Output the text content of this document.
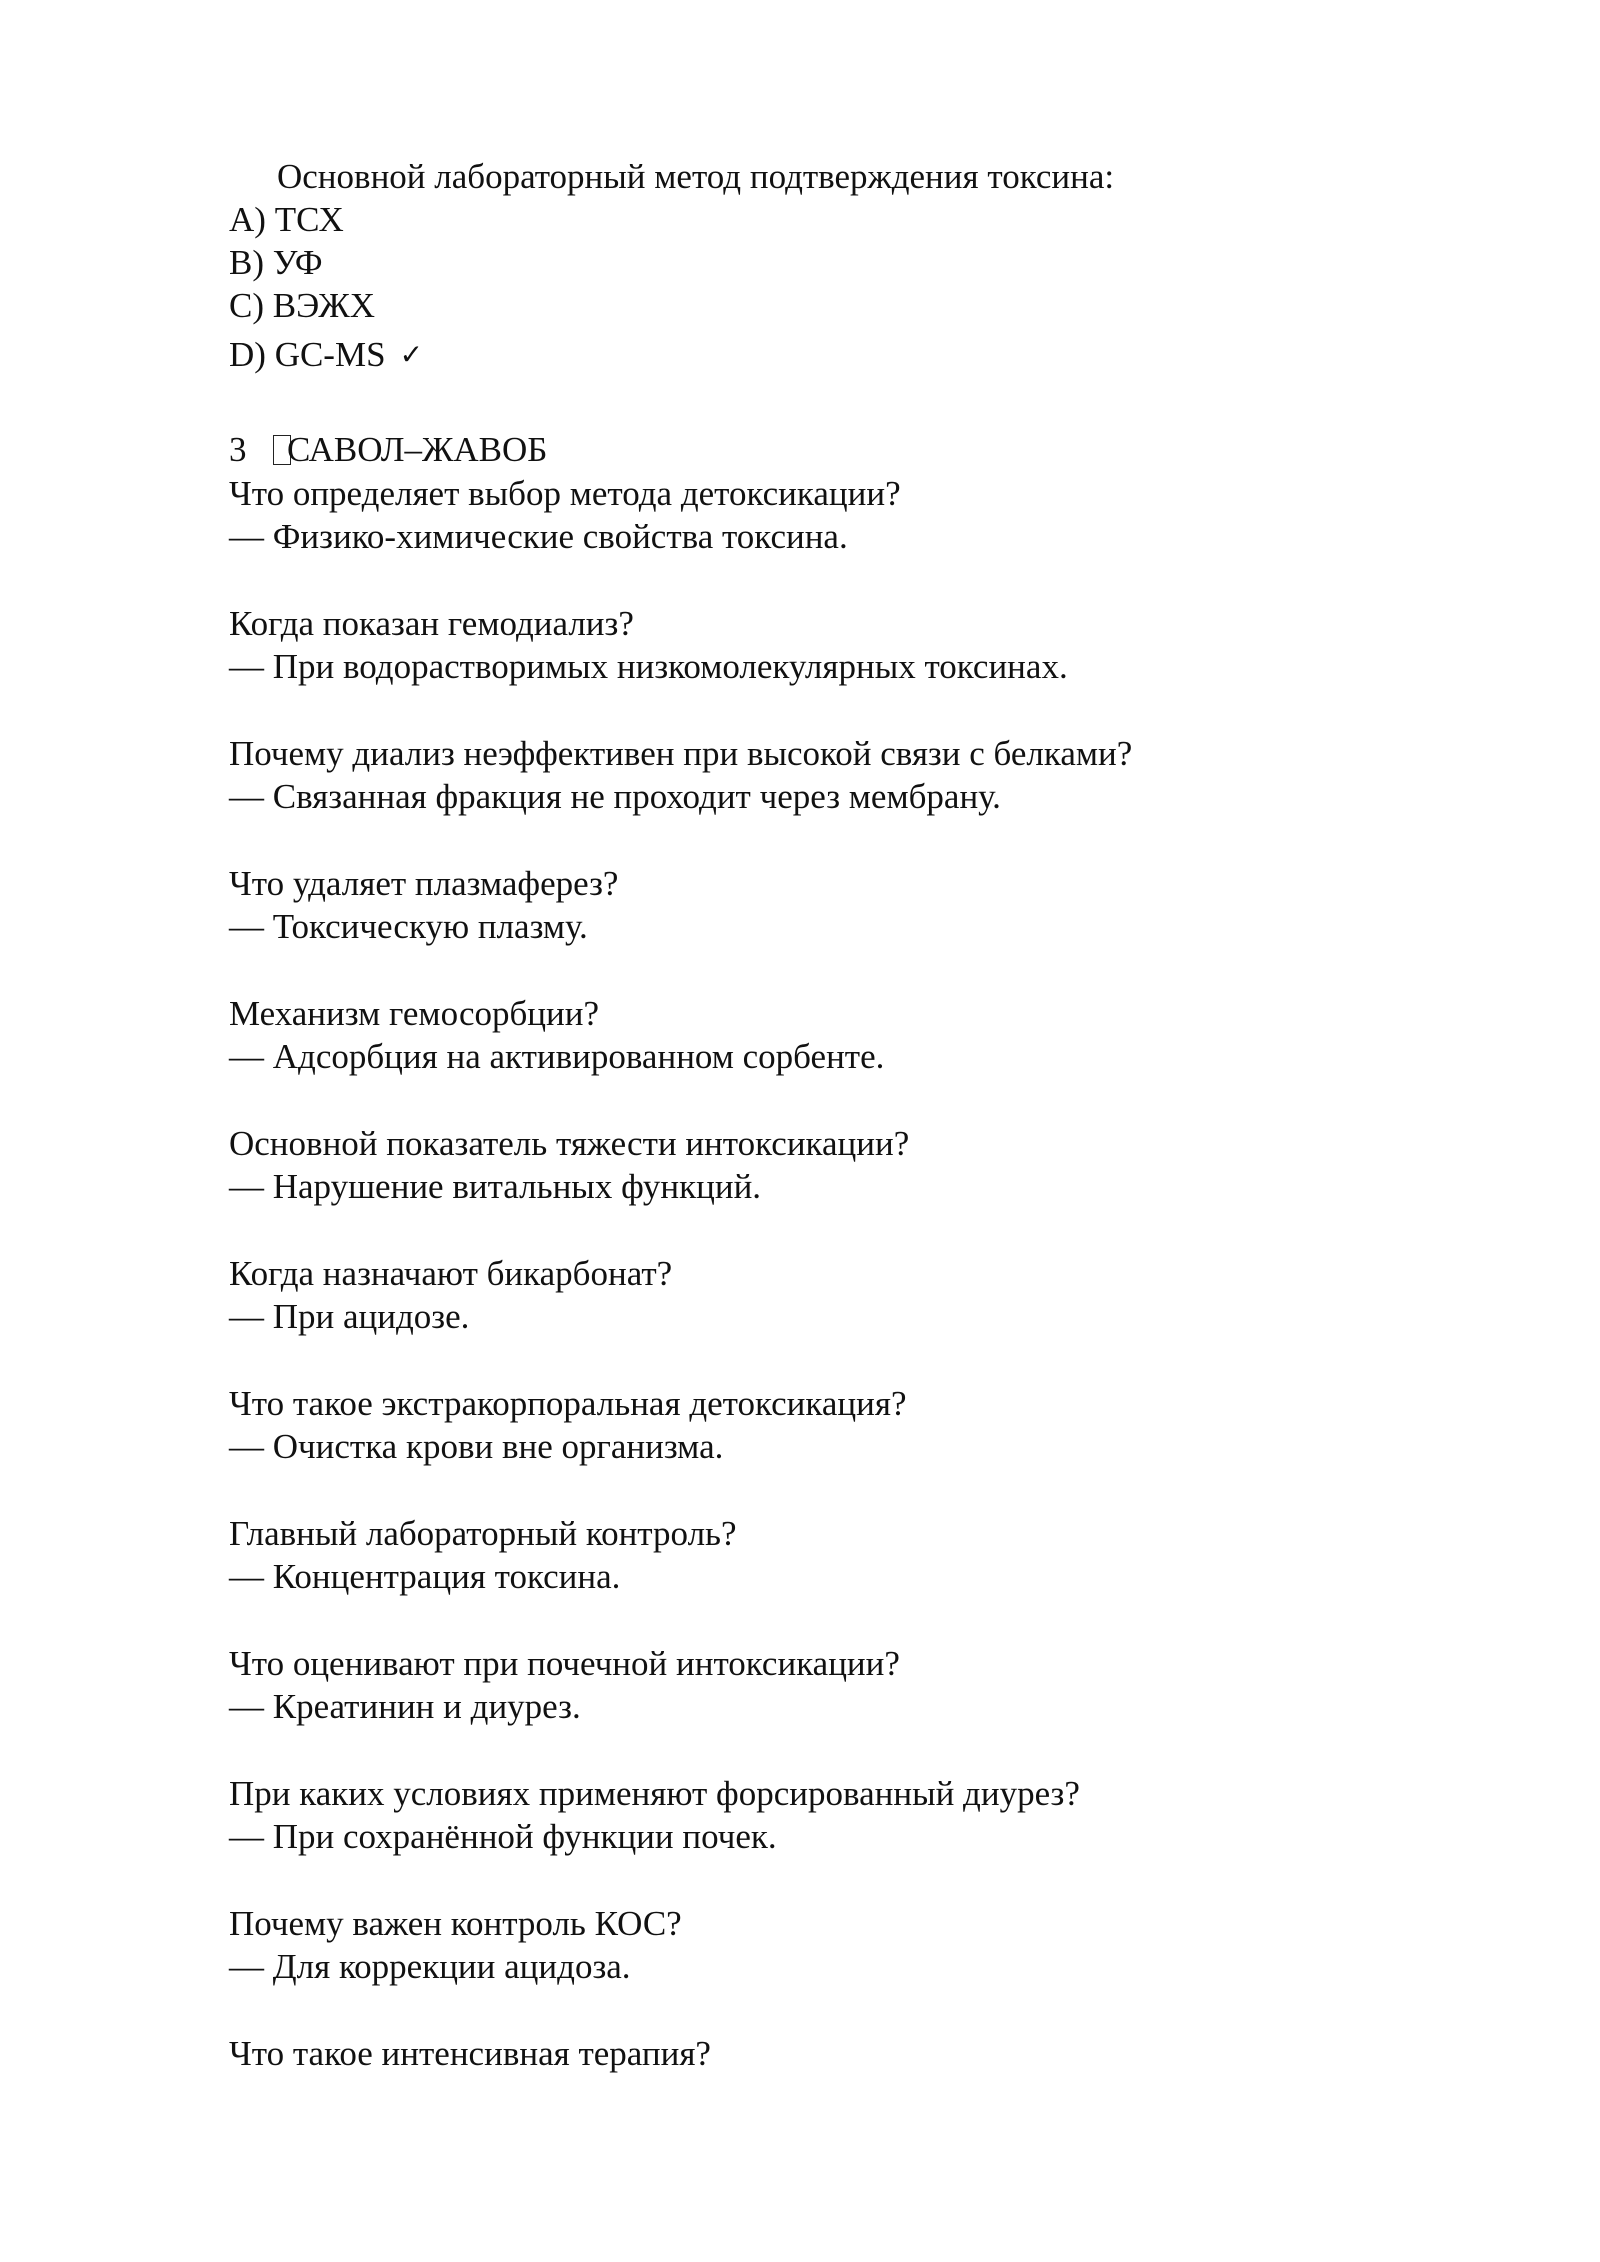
Основной лабораторный метод подтверждения токсина:
A) ТСХ
B) УФ
C) ВЭЖХ
D) GC-MS ✓
3 САВОЛ–ЖАВОБ
Что определяет выбор метода детоксикации?
— Физико-химические свойства токсина.
Когда показан гемодиализ?
— При водорастворимых низкомолекулярных токсинах.
Почему диализ неэффективен при высокой связи с белками?
— Связанная фракция не проходит через мембрану.
Что удаляет плазмаферез?
— Токсическую плазму.
Механизм гемосорбции?
— Адсорбция на активированном сорбенте.
Основной показатель тяжести интоксикации?
— Нарушение витальных функций.
Когда назначают бикарбонат?
— При ацидозе.
Что такое экстракорпоральная детоксикация?
— Очистка крови вне организма.
Главный лабораторный контроль?
— Концентрация токсина.
Что оценивают при почечной интоксикации?
— Креатинин и диурез.
При каких условиях применяют форсированный диурез?
— При сохранённой функции почек.
Почему важен контроль КОС?
— Для коррекции ацидоза.
Что такое интенсивная терапия?
